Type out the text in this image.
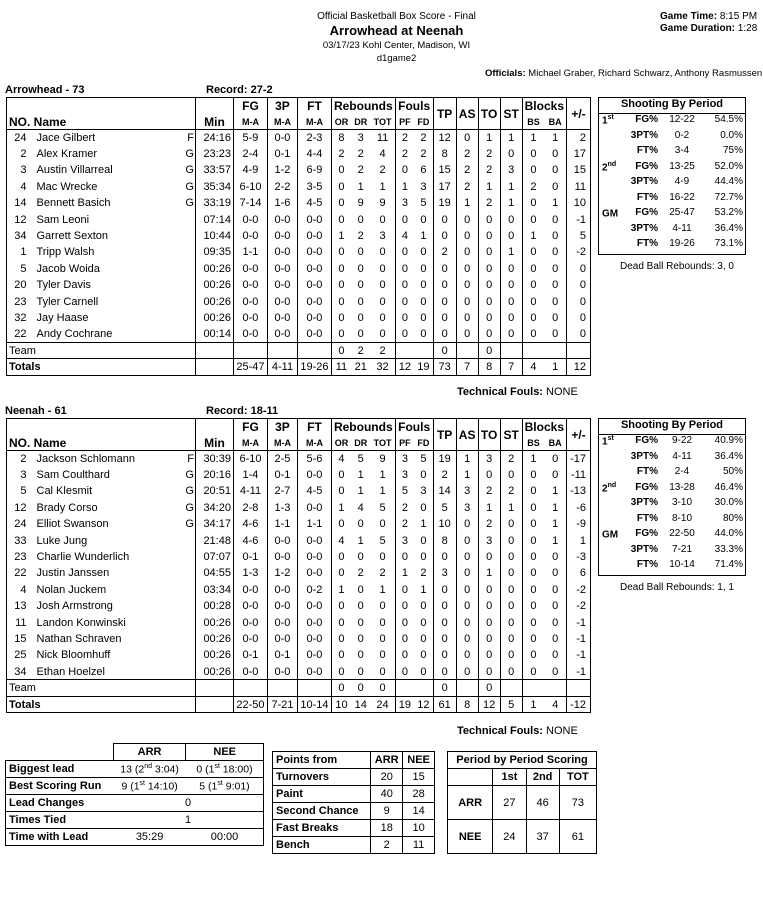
Official Basketball Box Score - Final
Arrowhead at Neenah
03/17/23 Kohl Center, Madison, WI
d1game2
Game Time: 8:15 PM
Game Duration: 1:28
Officials: Michael Graber, Richard Schwarz, Anthony Rasmussen
Arrowhead - 73	Record: 27-2
				FG	3P	FT	Rebounds			Fouls		TP	AS	TO	ST	Blocks		+/-
NO. Name			Min	M-A	M-A	M-A	OR	DR	TOT	PF	FD					BS	BA	
24	Jace Gilbert	F	24:16	5-9	0-0	2-3	8	3	11	2	2	12	0	1	1	1	1	2
2	Alex Kramer	G	23:23	2-4	0-1	4-4	2	2	4	2	2	8	2	2	0	0	0	17
3	Austin Villarreal	G	33:57	4-9	1-2	6-9	0	2	2	0	6	15	2	2	3	0	0	15
4	Mac Wrecke	G	35:34	6-10	2-2	3-5	0	1	1	1	3	17	2	1	1	2	0	11
14	Bennett Basich	G	33:19	7-14	1-6	4-5	0	9	9	3	5	19	1	2	1	0	1	10
12	Sam Leoni		07:14	0-0	0-0	0-0	0	0	0	0	0	0	0	0	0	0	0	-1
34	Garrett Sexton		10:44	0-0	0-0	0-0	1	2	3	4	1	0	0	0	0	1	0	5
1	Tripp Walsh		09:35	1-1	0-0	0-0	0	0	0	0	0	2	0	0	1	0	0	-2
5	Jacob Woida		00:26	0-0	0-0	0-0	0	0	0	0	0	0	0	0	0	0	0	0
20	Tyler Davis		00:26	0-0	0-0	0-0	0	0	0	0	0	0	0	0	0	0	0	0
23	Tyler Carnell		00:26	0-0	0-0	0-0	0	0	0	0	0	0	0	0	0	0	0	0
32	Jay Haase		00:26	0-0	0-0	0-0	0	0	0	0	0	0	0	0	0	0	0	0
22	Andy Cochrane		00:14	0-0	0-0	0-0	0	0	0	0	0	0	0	0	0	0	0	0
Team							0	2	2			0		0				
Totals				25-47	4-11	19-26	11	21	32	12	19	73	7	8	7	4	1	12
Technical Fouls: NONE
Shooting By Period
1st	FG%	12-22	54.5%
3PT%	0-2	0.0%
FT%	3-4	75%
2nd	FG%	13-25	52.0%
3PT%	4-9	44.4%
FT%	16-22	72.7%
GM	FG%	25-47	53.2%
3PT%	4-11	36.4%
FT%	19-26	73.1%
Dead Ball Rebounds: 3, 0
Neenah - 61	Record: 18-11
				FG	3P	FT	Rebounds			Fouls		TP	AS	TO	ST	Blocks		+/-
NO. Name			Min	M-A	M-A	M-A	OR	DR	TOT	PF	FD					BS	BA	
2	Jackson Schlomann	F	30:39	6-10	2-5	5-6	4	5	9	3	5	19	1	3	2	1	0	-17
3	Sam Coulthard	G	20:16	1-4	0-1	0-0	0	1	1	3	0	2	1	0	0	0	0	-11
5	Cal Klesmit	G	20:51	4-11	2-7	4-5	0	1	1	5	3	14	3	2	2	0	1	-13
12	Brady Corso	G	34:20	2-8	1-3	0-0	1	4	5	2	0	5	3	1	1	0	1	-6
24	Elliot Swanson	G	34:17	4-6	1-1	1-1	0	0	0	2	1	10	0	2	0	0	1	-9
33	Luke Jung		21:48	4-6	0-0	0-0	4	1	5	3	0	8	0	3	0	0	1	1
23	Charlie Wunderlich		07:07	0-1	0-0	0-0	0	0	0	0	0	0	0	0	0	0	0	-3
22	Justin Janssen		04:55	1-3	1-2	0-0	0	2	2	1	2	3	0	1	0	0	0	6
4	Nolan Juckem		03:34	0-0	0-0	0-2	1	0	1	0	1	0	0	0	0	0	0	-2
13	Josh Armstrong		00:28	0-0	0-0	0-0	0	0	0	0	0	0	0	0	0	0	0	-2
11	Landon Konwinski		00:26	0-0	0-0	0-0	0	0	0	0	0	0	0	0	0	0	0	-1
15	Nathan Schraven		00:26	0-0	0-0	0-0	0	0	0	0	0	0	0	0	0	0	0	-1
25	Nick Bloomhuff		00:26	0-1	0-1	0-0	0	0	0	0	0	0	0	0	0	0	0	-1
34	Ethan Hoelzel		00:26	0-0	0-0	0-0	0	0	0	0	0	0	0	0	0	0	0	-1
Team							0	0	0			0		0				
Totals				22-50	7-21	10-14	10	14	24	19	12	61	8	12	5	1	4	-12
Technical Fouls: NONE
Shooting By Period
1st	FG%	9-22	40.9%
3PT%	4-11	36.4%
FT%	2-4	50%
2nd	FG%	13-28	46.4%
3PT%	3-10	30.0%
FT%	8-10	80%
GM	FG%	22-50	44.0%
3PT%	7-21	33.3%
FT%	10-14	71.4%
Dead Ball Rebounds: 1, 1
	ARR	NEE
Biggest lead	13 (2nd 3:04)	0 (1st 18:00)
Best Scoring Run	9 (1st 14:10)	5 (1st 9:01)
Lead Changes	0	
Times Tied	1	
Time with Lead	35:29	00:00
Points from	ARR	NEE
Turnovers	20	15
Paint	40	28
Second Chance	9	14
Fast Breaks	18	10
Bench	2	11
Period by Period Scoring			
	1st	2nd	TOT
ARR	27	46	73
NEE	24	37	61
